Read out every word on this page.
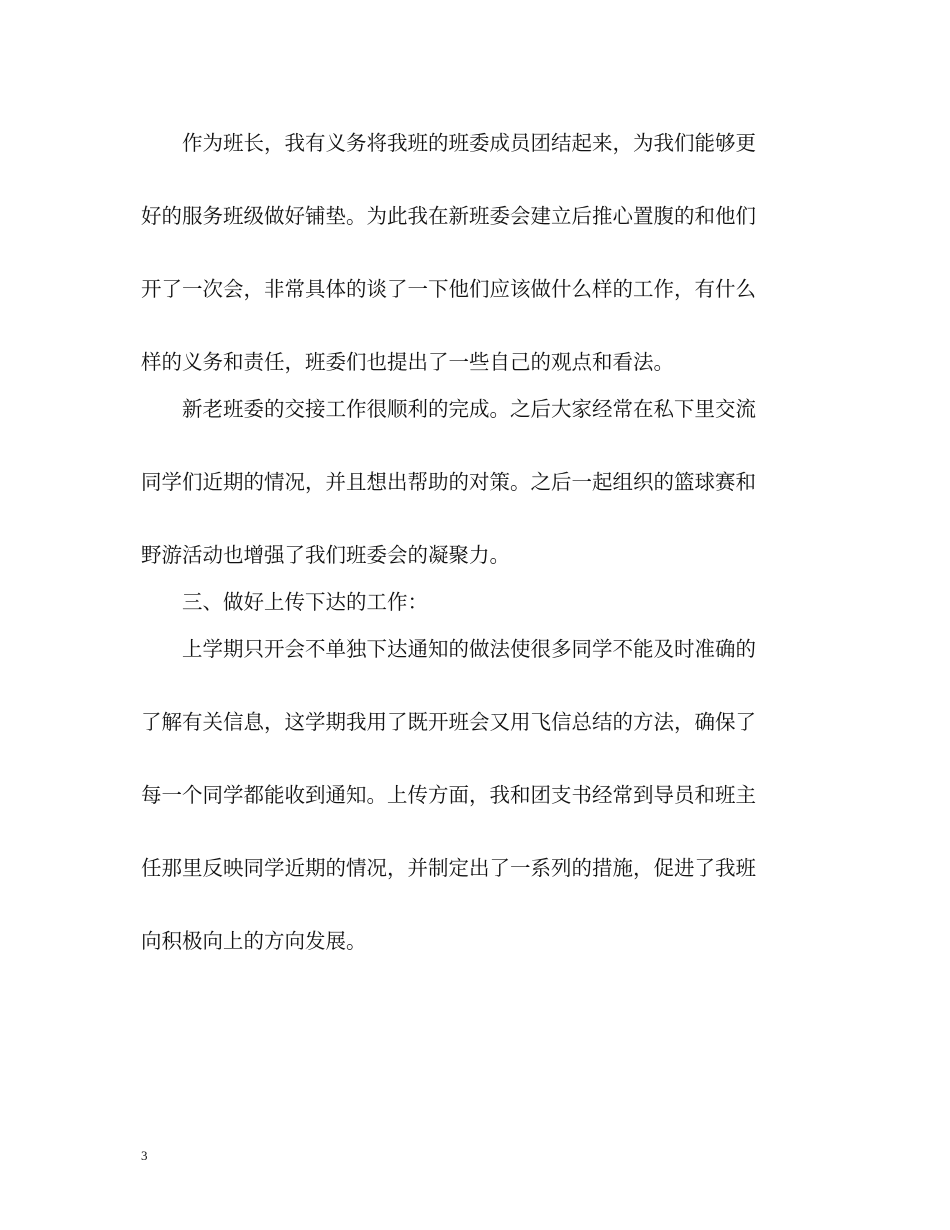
作为班长，我有义务将我班的班委成员团结起来，为我们能够更
好的服务班级做好铺垫。为此我在新班委会建立后推心置腹的和他们
开了一次会，非常具体的谈了一下他们应该做什么样的工作，有什么
样的义务和责任，班委们也提出了一些自己的观点和看法。

新老班委的交接工作很顺利的完成。之后大家经常在私下里交流
同学们近期的情况，并且想出帮助的对策。之后一起组织的篮球赛和
野游活动也增强了我们班委会的凝聚力。

三、做好上传下达的工作：

上学期只开会不单独下达通知的做法使很多同学不能及时准确的
了解有关信息，这学期我用了既开班会又用飞信总结的方法，确保了
每一个同学都能收到通知。上传方面，我和团支书经常到导员和班主
任那里反映同学近期的情况，并制定出了一系列的措施，促进了我班
向积极向上的方向发展。

3
